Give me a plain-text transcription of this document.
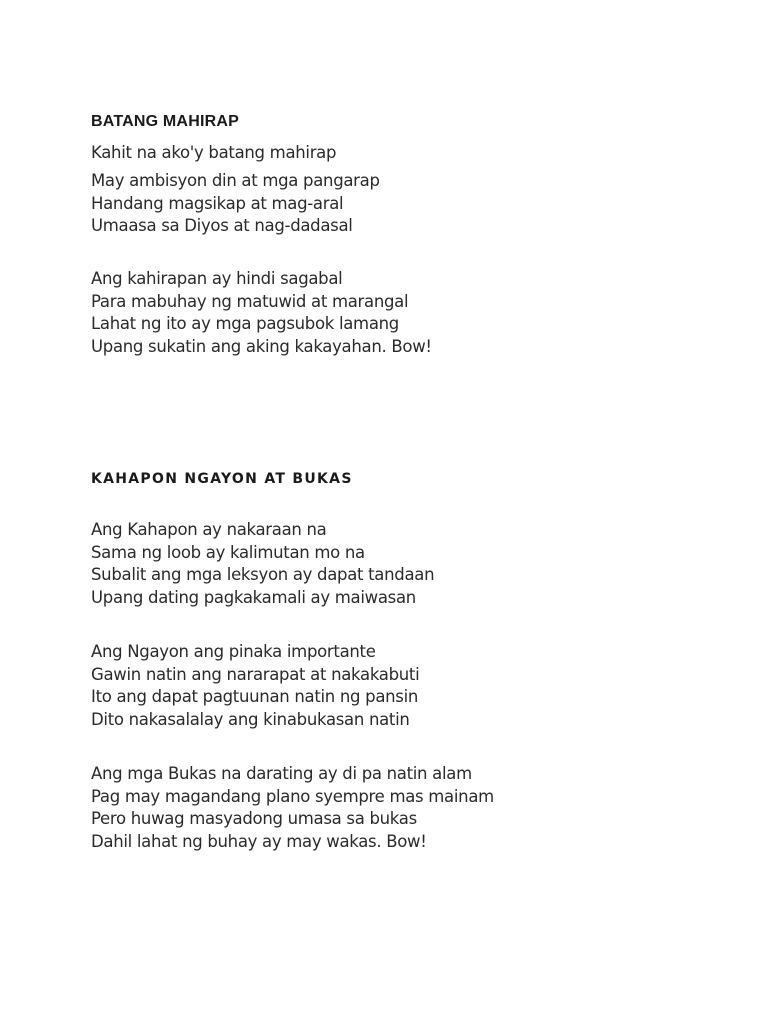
BATANG MAHIRAP

Kahit na ako'y batang mahirap

May ambisyon din at mga pangarap
Handang magsikap at mag-aral
Umaasa sa Diyos at nag-dadasal

Ang kahirapan ay hindi sagabal
Para mabuhay ng matuwid at marangal
Lahat ng ito ay mga pagsubok lamang
Upang sukatin ang aking kakayahan. Bow!

KAHAPON NGAYON AT BUKAS

Ang Kahapon ay nakaraan na
Sama ng loob ay kalimutan mo na
Subalit ang mga leksyon ay dapat tandaan
Upang dating pagkakamali ay maiwasan

Ang Ngayon ang pinaka importante
Gawin natin ang nararapat at nakakabuti
Ito ang dapat pagtuunan natin ng pansin
Dito nakasalalay ang kinabukasan natin

Ang mga Bukas na darating ay di pa natin alam
Pag may magandang plano syempre mas mainam
Pero huwag masyadong umasa sa bukas
Dahil lahat ng buhay ay may wakas. Bow!
